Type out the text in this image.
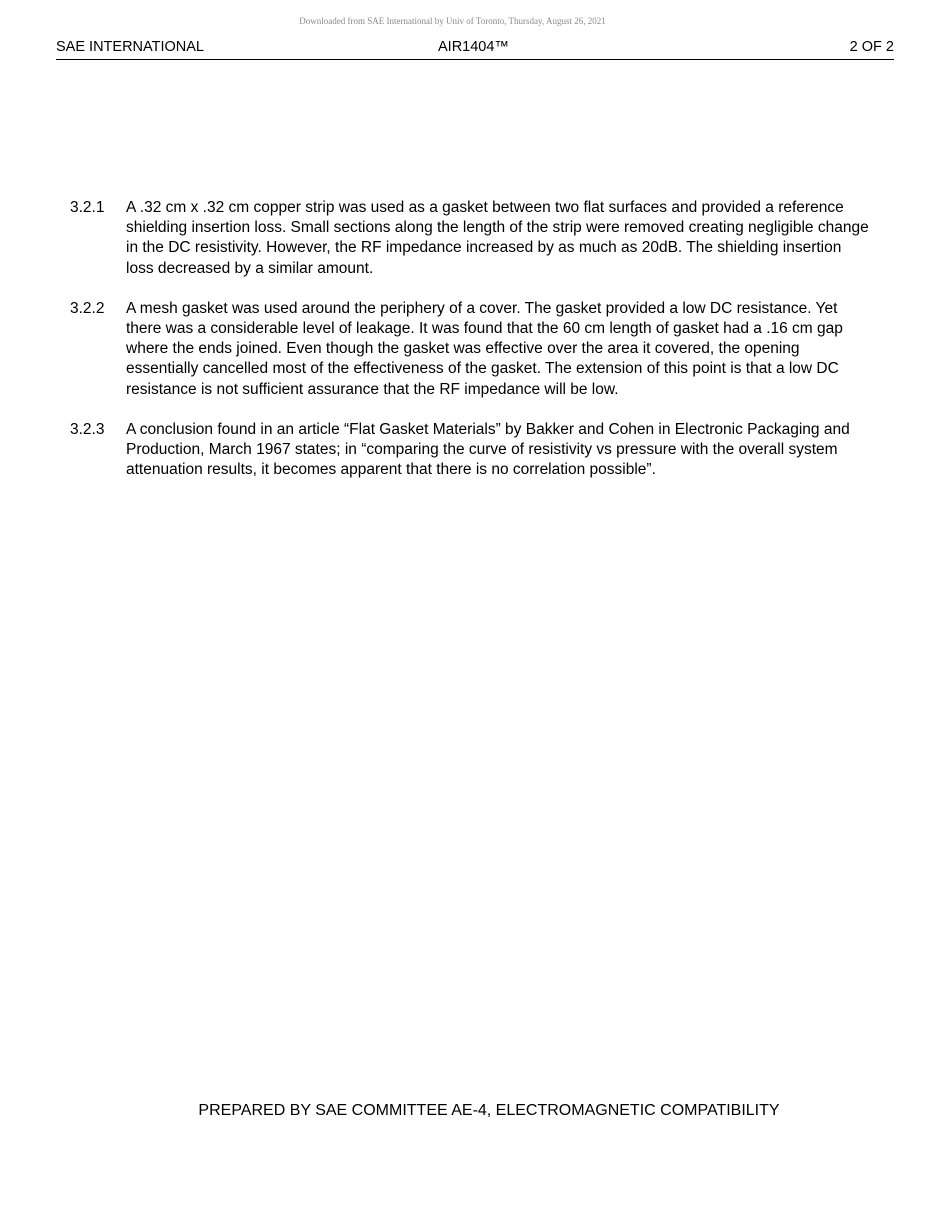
Downloaded from SAE International by Univ of Toronto, Thursday, August 26, 2021
SAE INTERNATIONAL	AIR1404™	2 OF 2
3.2.1	A .32 cm x .32 cm copper strip was used as a gasket between two flat surfaces and provided a reference shielding insertion loss. Small sections along the length of the strip were removed creating negligible change in the DC resistivity. However, the RF impedance increased by as much as 20dB. The shielding insertion loss decreased by a similar amount.
3.2.2	A mesh gasket was used around the periphery of a cover. The gasket provided a low DC resistance. Yet there was a considerable level of leakage. It was found that the 60 cm length of gasket had a .16 cm gap where the ends joined. Even though the gasket was effective over the area it covered, the opening essentially cancelled most of the effectiveness of the gasket. The extension of this point is that a low DC resistance is not sufficient assurance that the RF impedance will be low.
3.2.3	A conclusion found in an article “Flat Gasket Materials” by Bakker and Cohen in Electronic Packaging and Production, March 1967 states; in “comparing the curve of resistivity vs pressure with the overall system attenuation results, it becomes apparent that there is no correlation possible”.
PREPARED BY SAE COMMITTEE AE-4, ELECTROMAGNETIC COMPATIBILITY
